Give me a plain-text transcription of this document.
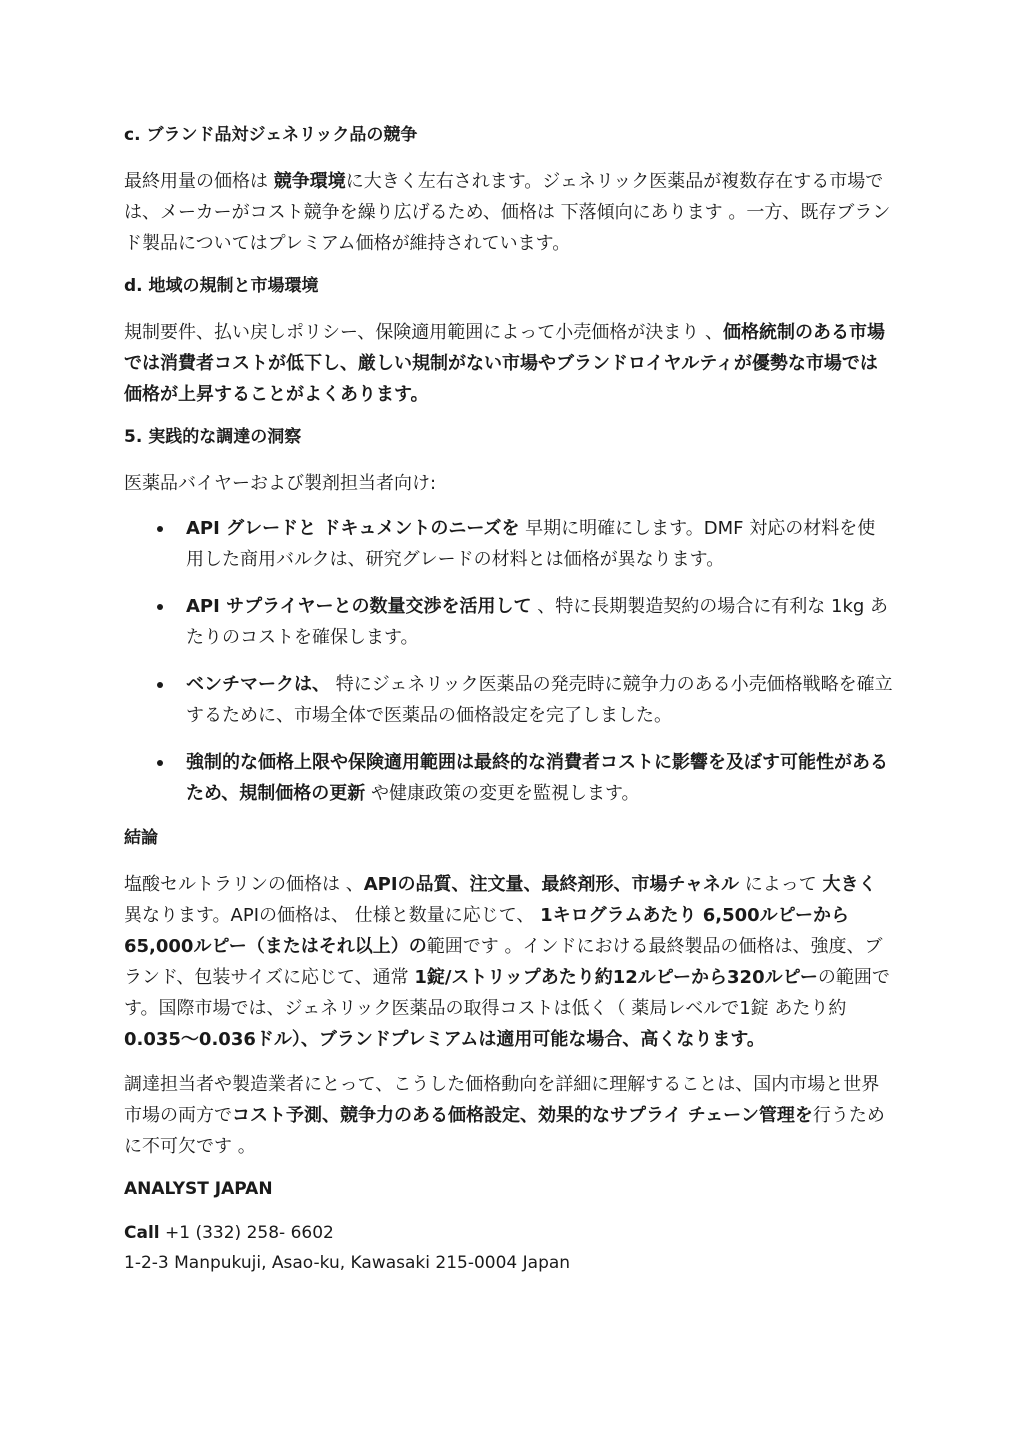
c. ブランド品対ジェネリック品の競争

最終用量の価格は 競争環境に大きく左右されます。ジェネリック医薬品が複数存在する市場では、メーカーがコスト競争を繰り広げるため、価格は 下落傾向にあります 。一方、既存ブランド製品についてはプレミアム価格が維持されています。

d. 地域の規制と市場環境

規制要件、払い戻しポリシー、保険適用範囲によって小売価格が決まり 、価格統制のある市場では消費者コストが低下し、厳しい規制がない市場やブランドロイヤルティが優勢な市場では価格が上昇することがよくあります。

5. 実践的な調達の洞察

医薬品バイヤーおよび製剤担当者向け:

API グレードと ドキュメントのニーズを 早期に明確にします。DMF 対応の材料を使用した商用バルクは、研究グレードの材料とは価格が異なります。
API サプライヤーとの数量交渉を活用して 、特に長期製造契約の場合に有利な 1kg あたりのコストを確保します。
ベンチマークは、 特にジェネリック医薬品の発売時に競争力のある小売価格戦略を確立するために、市場全体で医薬品の価格設定を完了しました。
強制的な価格上限や保険適用範囲は最終的な消費者コストに影響を及ぼす可能性があるため、規制価格の更新 や健康政策の変更を監視します。
結論

塩酸セルトラリンの価格は 、APIの品質、注文量、最終剤形、市場チャネル によって 大きく異なります。APIの価格は、 仕様と数量に応じて、 1キログラムあたり 6,500ルピーから65,000ルピー（またはそれ以上）の範囲です 。インドにおける最終製品の価格は、強度、ブランド、包装サイズに応じて、通常 1錠/ストリップあたり約12ルピーから320ルピーの範囲です。国際市場では、ジェネリック医薬品の取得コストは低く（ 薬局レベルで1錠 あたり約 0.035～0.036ドル）、ブランドプレミアムは適用可能な場合、高くなります。

調達担当者や製造業者にとって、こうした価格動向を詳細に理解することは、国内市場と世界市場の両方でコスト予測、競争力のある価格設定、効果的なサプライ チェーン管理を行うために不可欠です 。

ANALYST JAPAN

Call +1 (332) 258- 6602

1-2-3 Manpukuji, Asao-ku, Kawasaki 215-0004 Japan
